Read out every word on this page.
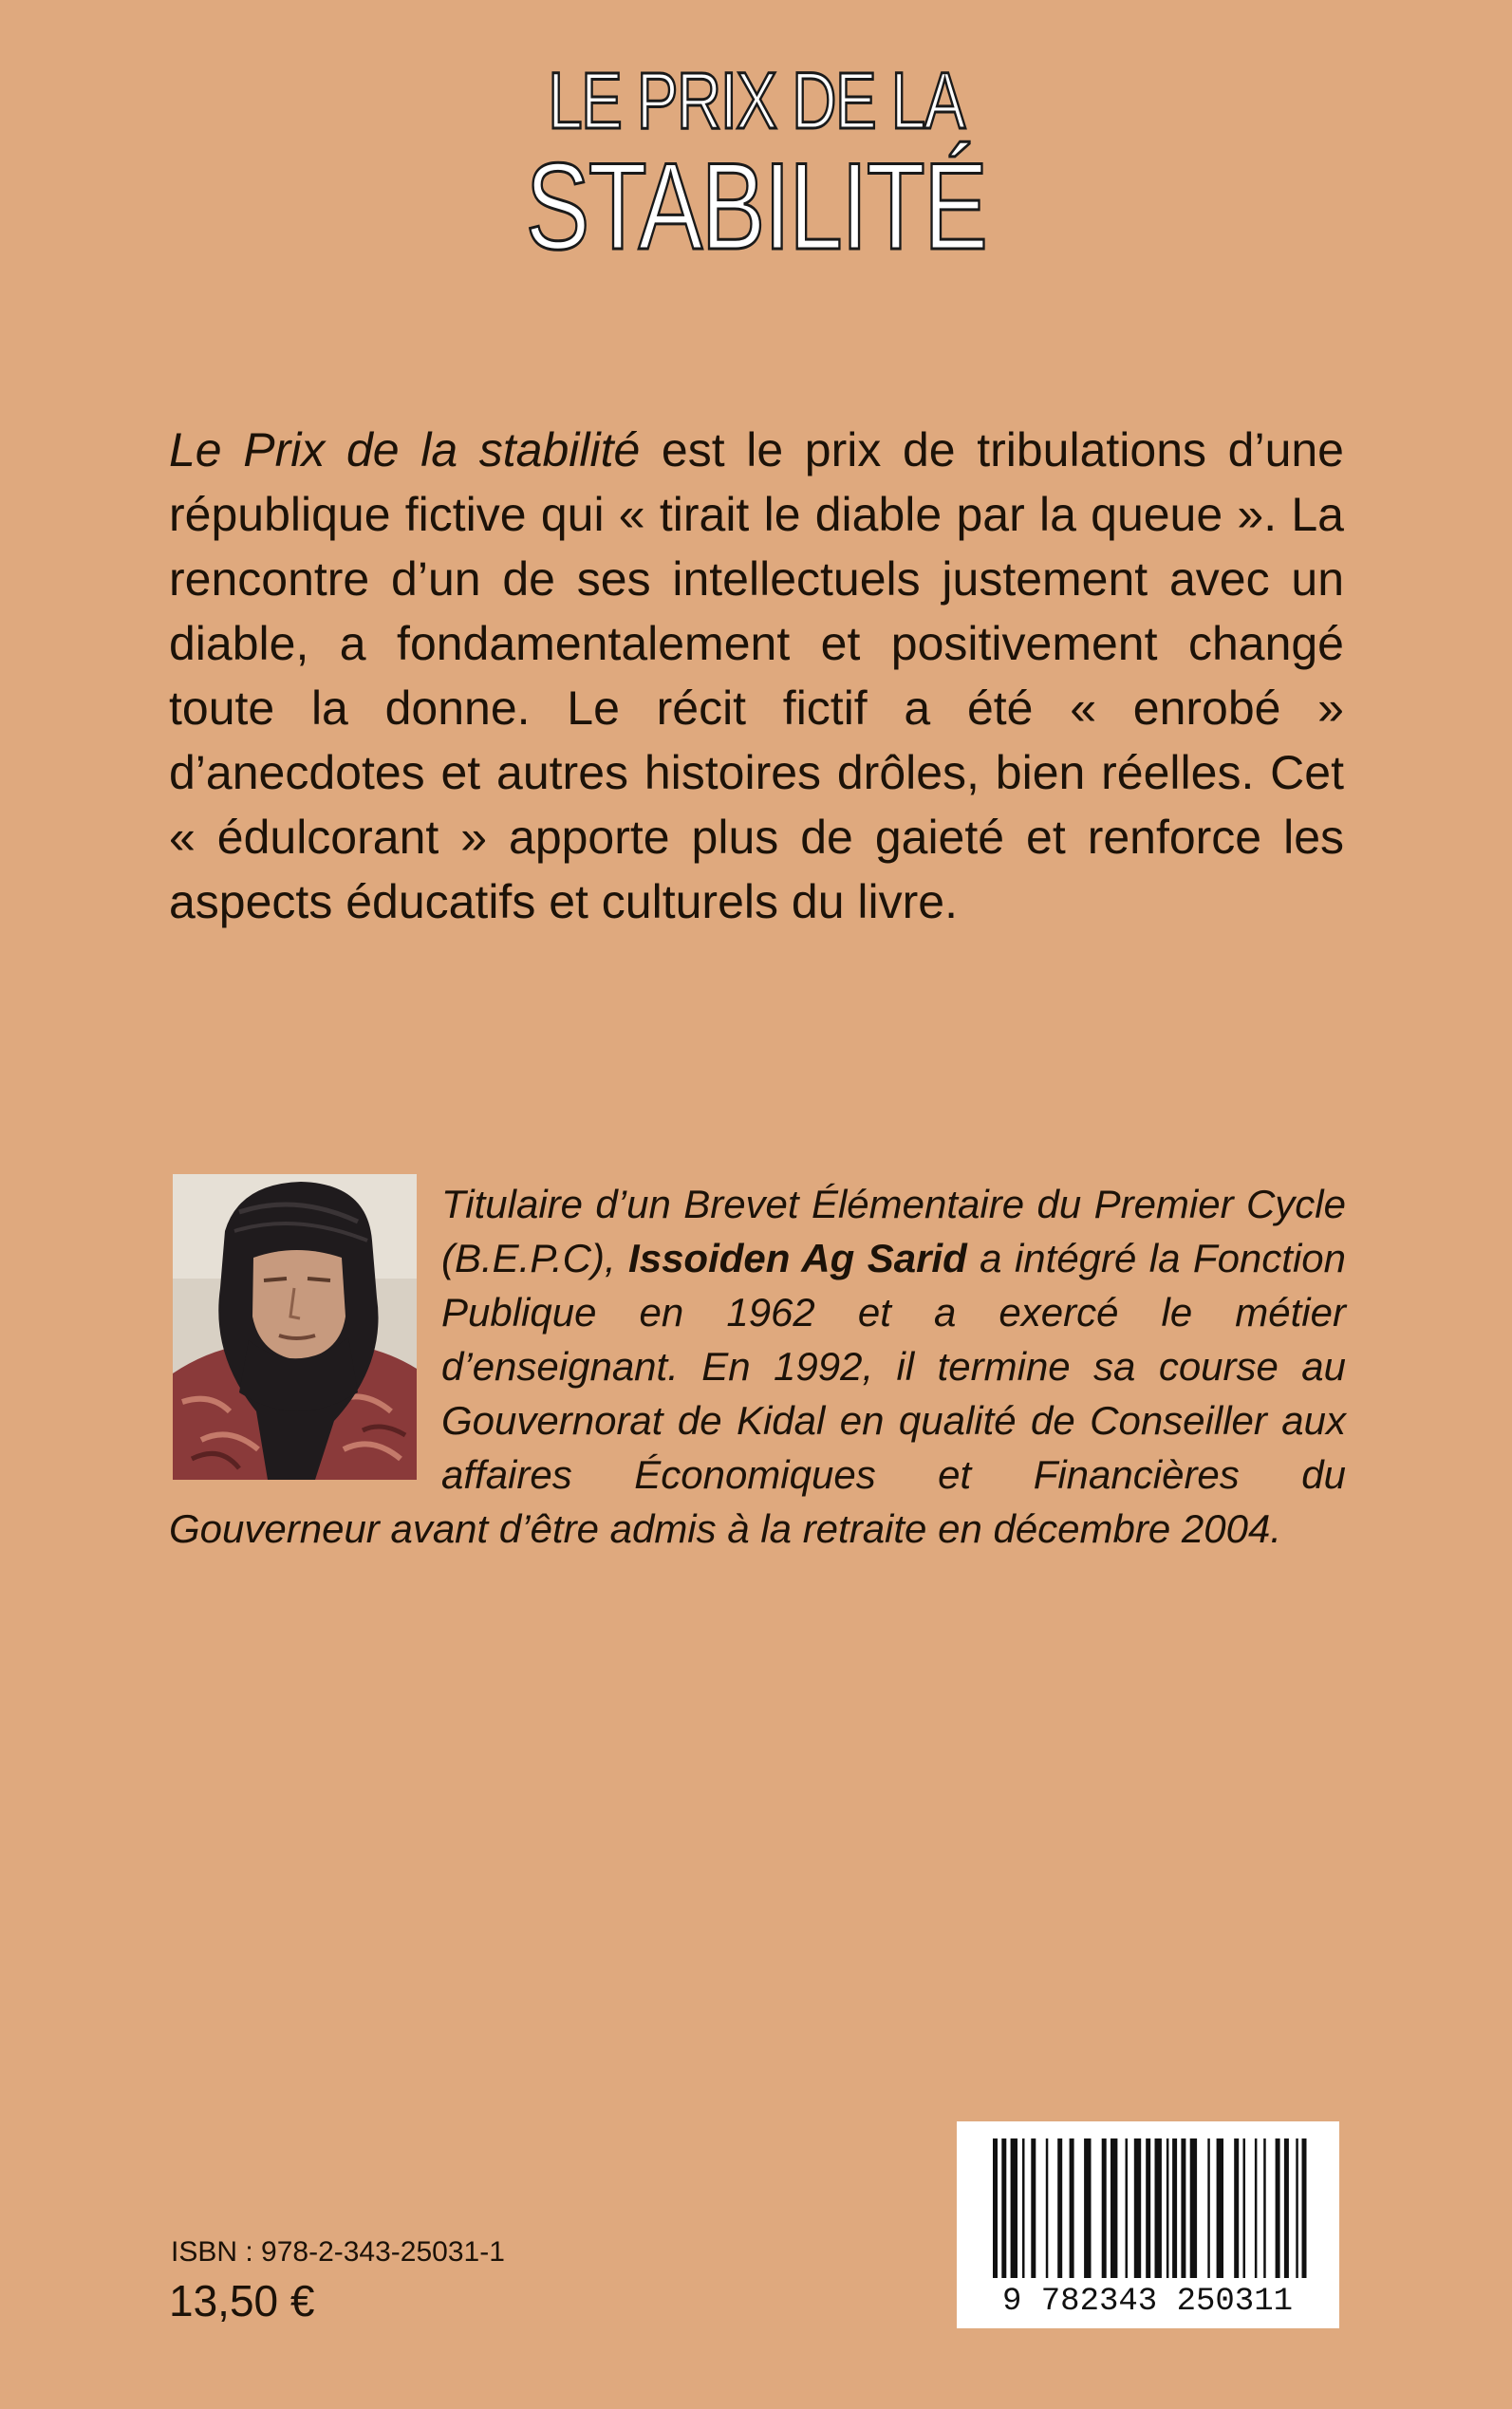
LE PRIX DE LA
STABILITÉ
Le Prix de la stabilité est le prix de tribulations d’une république fictive qui « tirait le diable par la queue ». La rencontre d’un de ses intellectuels justement avec un diable, a fondamentalement et positivement changé toute la donne. Le récit fictif a été « enrobé » d’anecdotes et autres histoires drôles, bien réelles. Cet « édulcorant » apporte plus de gaieté et renforce les aspects éducatifs et culturels du livre.
Titulaire d’un Brevet Élémentaire du Premier Cycle (B.E.P.C), Issoiden Ag Sarid a intégré la Fonction Publique en 1962 et a exercé le métier d’enseignant. En 1992, il termine sa course au Gouvernorat de Kidal en qualité de Conseiller aux affaires Économiques et Financières du Gouverneur avant d’être admis à la retraite en décembre 2004.
9 782343 250311
ISBN : 978-2-343-25031-1
13,50 €
